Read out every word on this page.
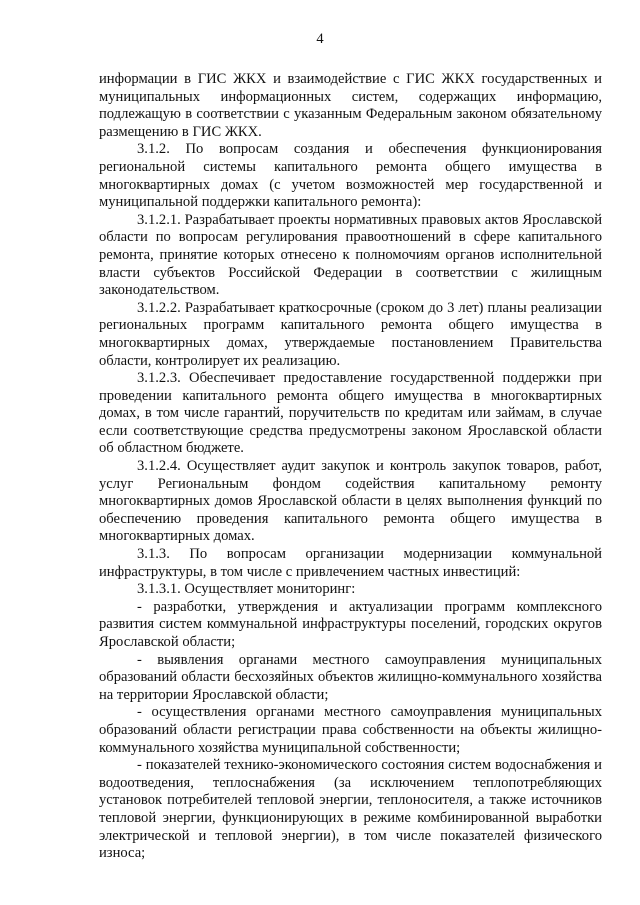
4

информации в ГИС ЖКХ и взаимодействие с ГИС ЖКХ государственных и муниципальных информационных систем, содержащих информацию, подлежащую в соответствии с указанным Федеральным законом обязательному размещению в ГИС ЖКХ.

3.1.2. По вопросам создания и обеспечения функционирования региональной системы капитального ремонта общего имущества в многоквартирных домах (с учетом возможностей мер государственной и муниципальной поддержки капитального ремонта):

3.1.2.1. Разрабатывает проекты нормативных правовых актов Ярославской области по вопросам регулирования правоотношений в сфере капитального ремонта, принятие которых отнесено к полномочиям органов исполнительной власти субъектов Российской Федерации в соответствии с жилищным законодательством.

3.1.2.2. Разрабатывает краткосрочные (сроком до 3 лет) планы реализации региональных программ капитального ремонта общего имущества в многоквартирных домах, утверждаемые постановлением Правительства области, контролирует их реализацию.

3.1.2.3. Обеспечивает предоставление государственной поддержки при проведении капитального ремонта общего имущества в многоквартирных домах, в том числе гарантий, поручительств по кредитам или займам, в случае если соответствующие средства предусмотрены законом Ярославской области об областном бюджете.

3.1.2.4. Осуществляет аудит закупок и контроль закупок товаров, работ, услуг Региональным фондом содействия капитальному ремонту многоквартирных домов Ярославской области в целях выполнения функций по обеспечению проведения капитального ремонта общего имущества в многоквартирных домах.

3.1.3. По вопросам организации модернизации коммунальной инфраструктуры, в том числе с привлечением частных инвестиций:

3.1.3.1. Осуществляет мониторинг:

- разработки, утверждения и актуализации программ комплексного развития систем коммунальной инфраструктуры поселений, городских округов Ярославской области;

- выявления органами местного самоуправления муниципальных образований области бесхозяйных объектов жилищно-коммунального хозяйства на территории Ярославской области;

- осуществления органами местного самоуправления муниципальных образований области регистрации права собственности на объекты жилищно-коммунального хозяйства муниципальной собственности;

- показателей технико-экономического состояния систем водоснабжения и водоотведения, теплоснабжения (за исключением теплопотребляющих установок потребителей тепловой энергии, теплоносителя, а также источников тепловой энергии, функционирующих в режиме комбинированной выработки электрической и тепловой энергии), в том числе показателей физического износа;
